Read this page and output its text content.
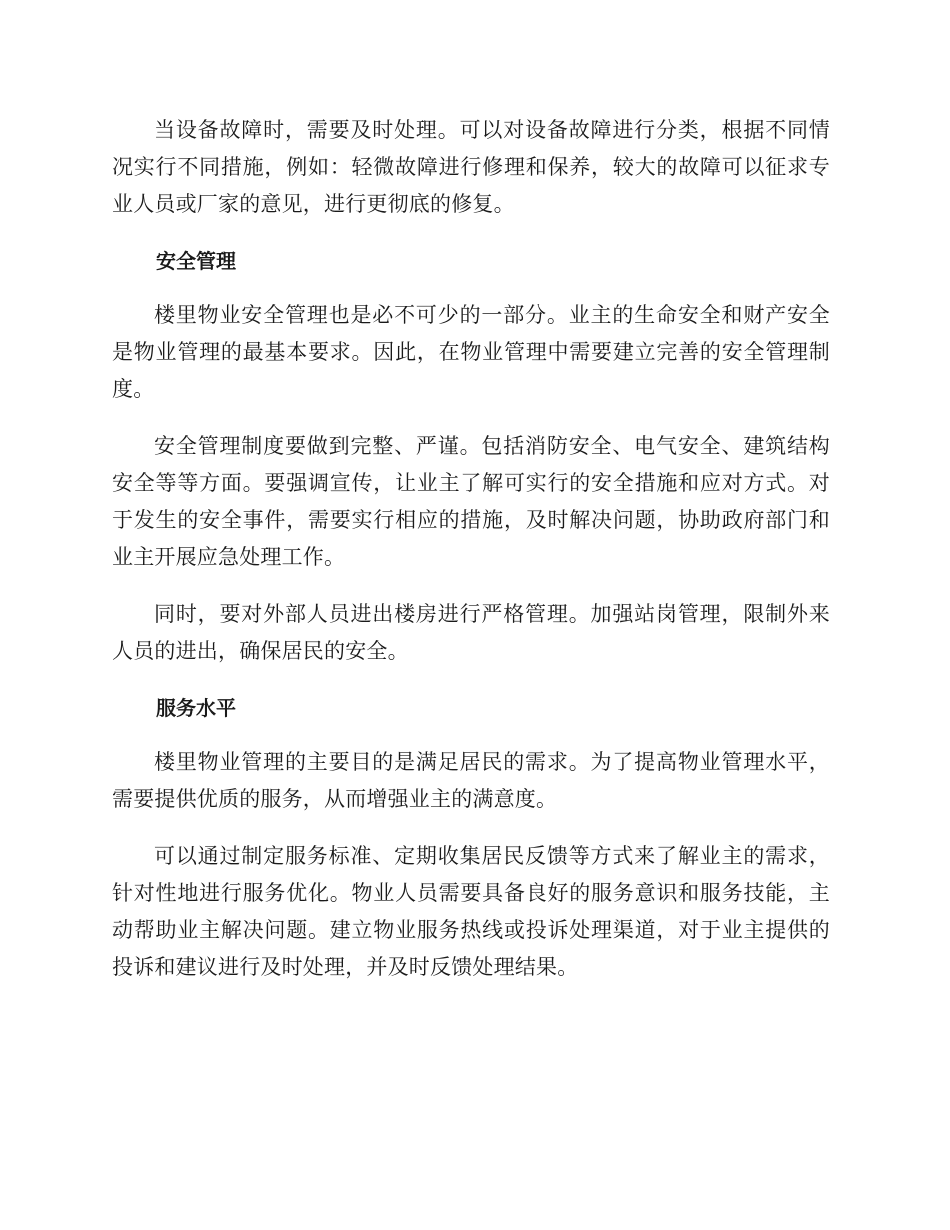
当设备故障时，需要及时处理。可以对设备故障进行分类，根据不同情况实行不同措施，例如：轻微故障进行修理和保养，较大的故障可以征求专业人员或厂家的意见，进行更彻底的修复。

安全管理

楼里物业安全管理也是必不可少的一部分。业主的生命安全和财产安全是物业管理的最基本要求。因此，在物业管理中需要建立完善的安全管理制度。

安全管理制度要做到完整、严谨。包括消防安全、电气安全、建筑结构安全等等方面。要强调宣传，让业主了解可实行的安全措施和应对方式。对于发生的安全事件，需要实行相应的措施，及时解决问题，协助政府部门和业主开展应急处理工作。

同时，要对外部人员进出楼房进行严格管理。加强站岗管理，限制外来人员的进出，确保居民的安全。

服务水平

楼里物业管理的主要目的是满足居民的需求。为了提高物业管理水平，需要提供优质的服务，从而增强业主的满意度。

可以通过制定服务标准、定期收集居民反馈等方式来了解业主的需求，针对性地进行服务优化。物业人员需要具备良好的服务意识和服务技能，主动帮助业主解决问题。建立物业服务热线或投诉处理渠道，对于业主提供的投诉和建议进行及时处理，并及时反馈处理结果。
